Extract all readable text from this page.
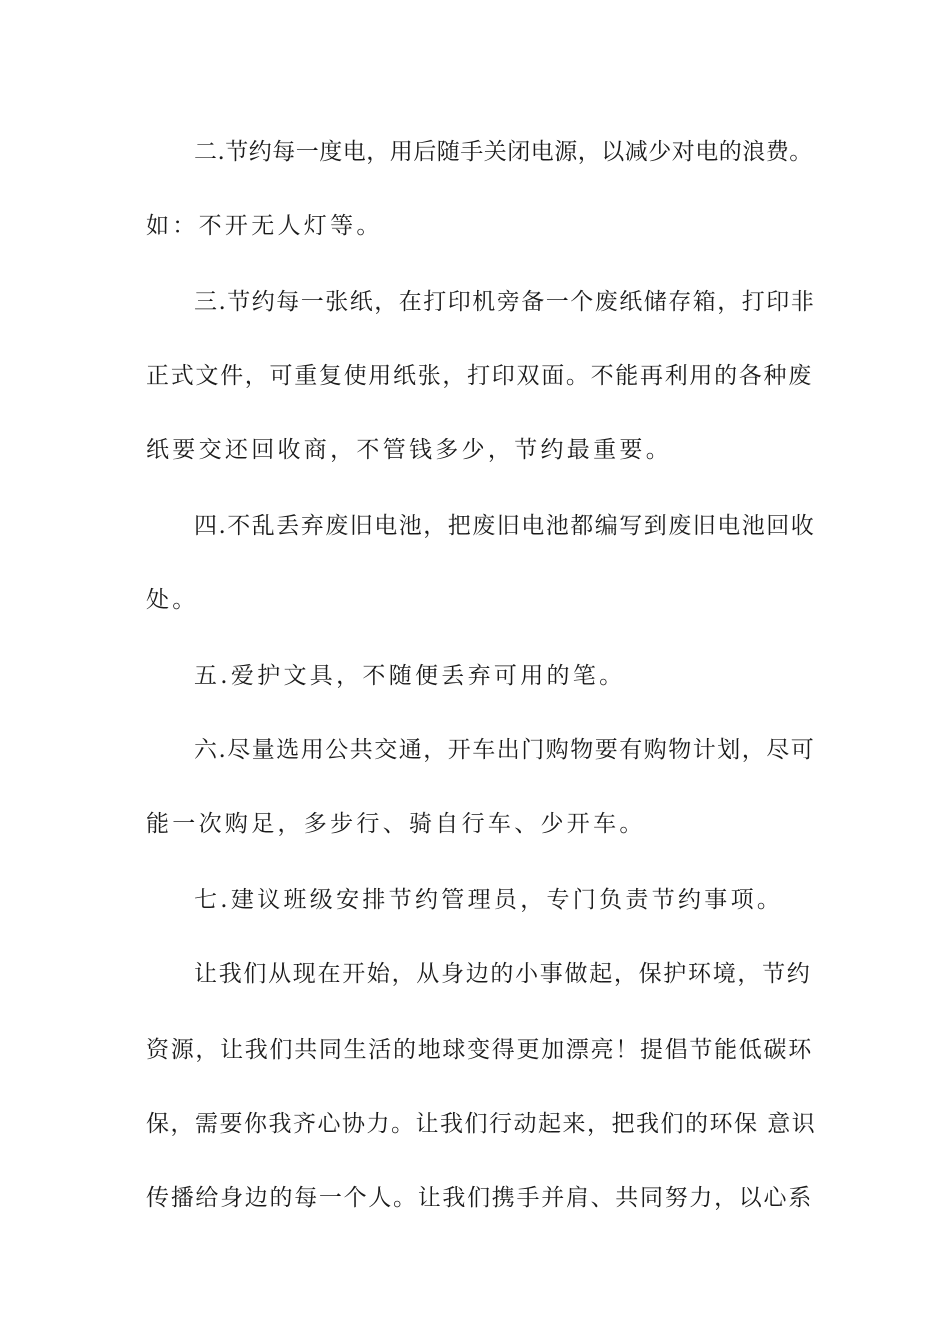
二.节约每一度电，用后随手关闭电源，以减少对电的浪费。
如：不开无人灯等。
三.节约每一张纸，在打印机旁备一个废纸储存箱，打印非
正式文件，可重复使用纸张，打印双面。不能再利用的各种废
纸要交还回收商，不管钱多少，节约最重要。
四.不乱丢弃废旧电池，把废旧电池都编写到废旧电池回收
处。
五.爱护文具，不随便丢弃可用的笔。
六.尽量选用公共交通，开车出门购物要有购物计划，尽可
能一次购足，多步行、骑自行车、少开车。
七.建议班级安排节约管理员，专门负责节约事项。
让我们从现在开始，从身边的小事做起，保护环境，节约
资源，让我们共同生活的地球变得更加漂亮！提倡节能低碳环
保，需要你我齐心协力。让我们行动起来，把我们的环保 意识
传播给身边的每一个人。让我们携手并肩、共同努力，以心系
